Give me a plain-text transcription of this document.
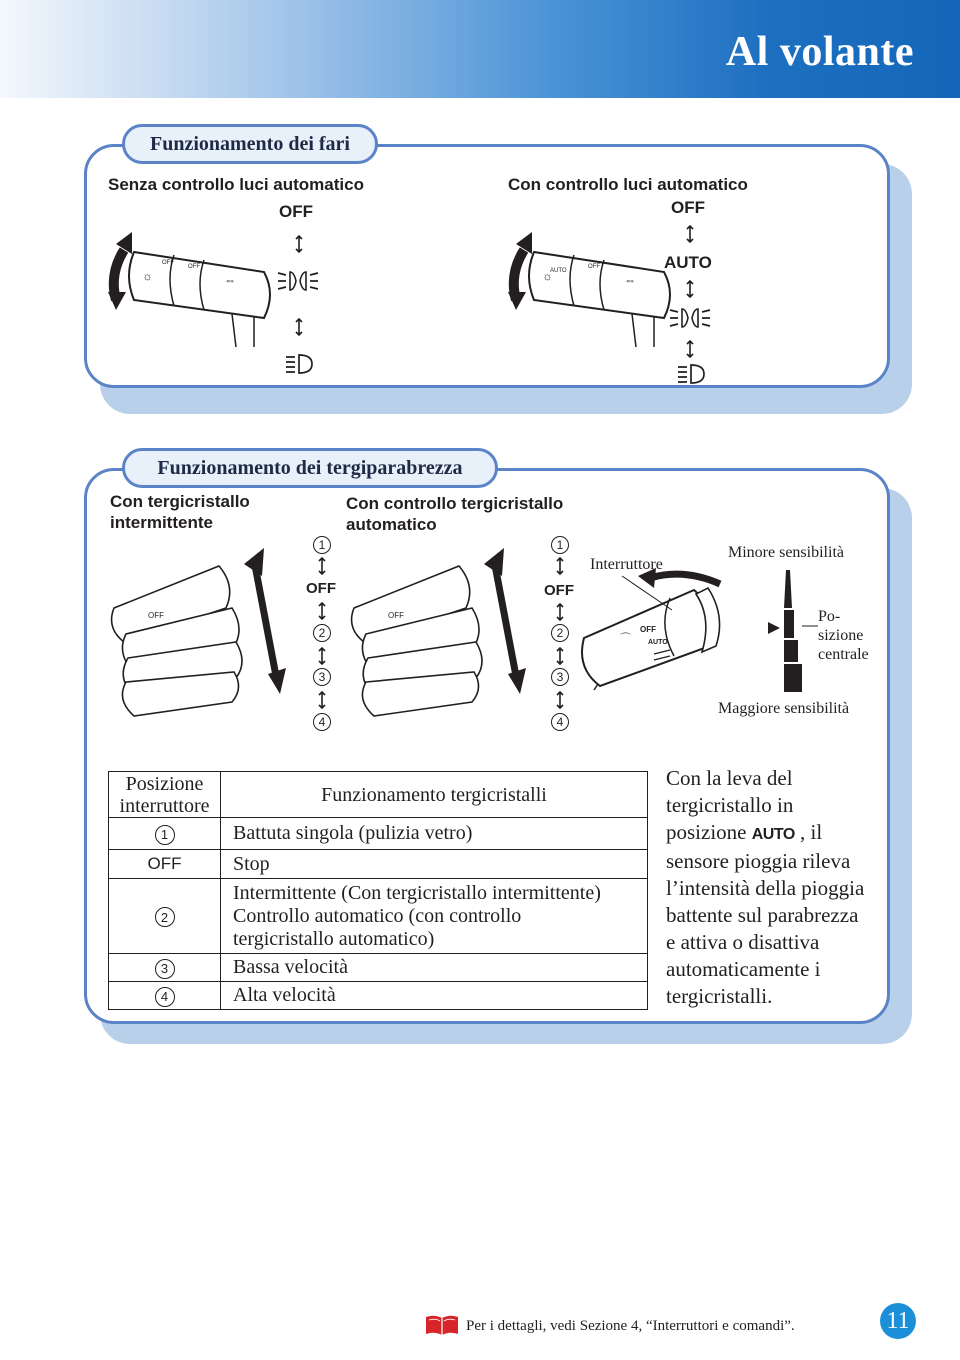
Al volante
Funzionamento dei fari
Senza controllo luci automatico
OFF
Con controllo luci automatico
OFF
AUTO
☼
OFF
OFF
⇔	☼
AUTO
OFF
⇔
Funzionamento dei tergiparabrezza
Con tergicristallo
intermittente
Con controllo tergicristallo
automatico
OFF	OFF
1
OFF
2
3
4
1
OFF
2
3
4
⌒
OFF
AUTO
Interruttore
Minore sensibilità
Po-
sizione
centrale
Maggiore sensibilità
Posizione
interruttore	Funzionamento tergicristalli
1	Battuta singola (pulizia vetro)
OFF	Stop
2	Intermittente (Con tergicristallo intermittente)
Controllo automatico (con controllo
tergicristallo automatico)

3	Bassa velocità
4	Alta velocità
Con la leva del
tergicristallo in
posizione AUTO , il
sensore pioggia rileva
l’intensità della pioggia
battente sul parabrezza
e attiva o disattiva
automaticamente i
tergicristalli.
Per i dettagli, vedi Sezione 4, “Interruttori e comandi”.	11
